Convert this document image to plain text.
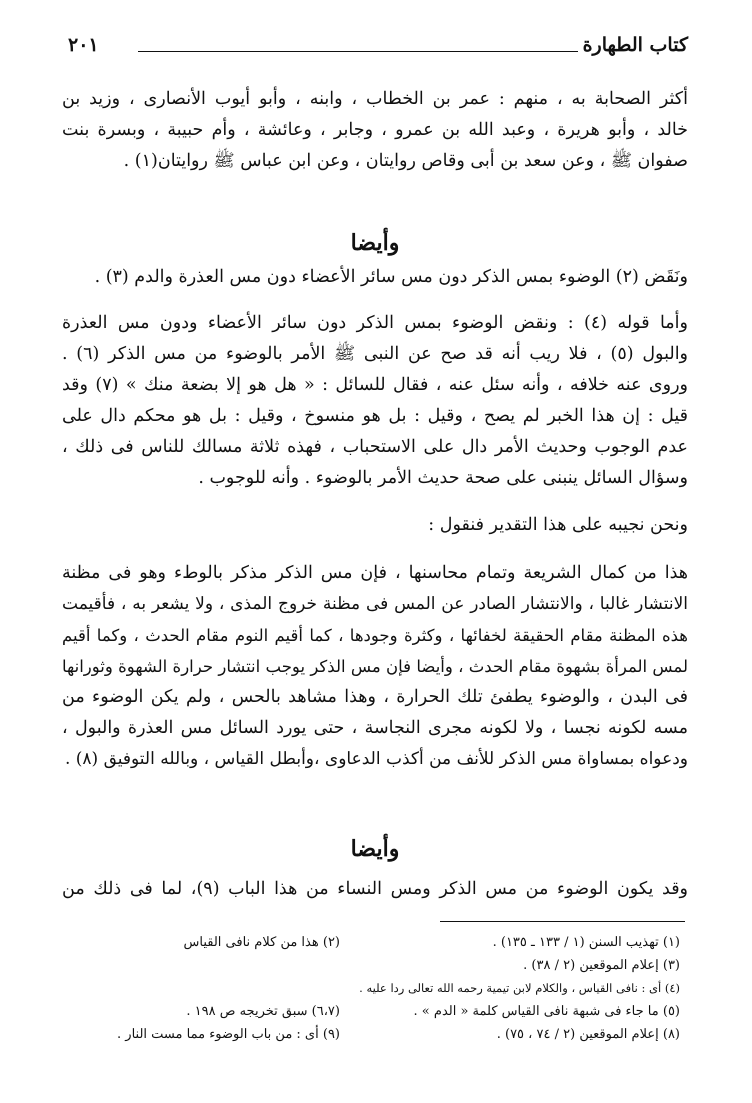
كتاب الطهارة
٢٠١
أكثر الصحابة به ، منهم : عمر بن الخطاب ، وابنه ، وأبو أيوب الأنصارى ، وزيد بن
خالد ، وأبو هريرة ، وعبد الله بن عمرو ، وجابر ، وعائشة ، وأم حبيبة ، وبسرة بنت
صفوان ﷺ ، وعن سعد بن أبى وقاص روايتان ، وعن ابن عباس ﷺ روايتان(١) .
وأيضا
ونَقَض (٢) الوضوء بمس الذكر دون مس سائر الأعضاء دون مس العذرة والدم (٣) .
وأما قوله (٤) : ونقض الوضوء بمس الذكر دون سائر الأعضاء ودون مس العذرة
والبول (٥) ، فلا ريب أنه قد صح عن النبى ﷺ الأمر بالوضوء من مس الذكر (٦) .
وروى عنه خلافه ، وأنه سئل عنه ، فقال للسائل : « هل هو إلا بضعة منك » (٧) وقد
قيل : إن هذا الخبر لم يصح ، وقيل : بل هو منسوخ ، وقيل : بل هو محكم دال على
عدم الوجوب وحديث الأمر دال على الاستحباب ، فهذه ثلاثة مسالك للناس فى ذلك ،
وسؤال السائل ينبنى على صحة حديث الأمر بالوضوء . وأنه للوجوب .
ونحن نجيبه على هذا التقدير فنقول :
هذا من كمال الشريعة وتمام محاسنها ، فإن مس الذكر مذكر بالوطء وهو فى مظنة
الانتشار غالبا ، والانتشار الصادر عن المس فى مظنة خروج المذى ، ولا يشعر به ، فأقيمت
هذه المظنة مقام الحقيقة لخفائها ، وكثرة وجودها ، كما أقيم النوم مقام الحدث ، وكما أقيم
لمس المرأة بشهوة مقام الحدث ، وأيضا فإن مس الذكر يوجب انتشار حرارة الشهوة وثورانها
فى البدن ، والوضوء يطفئ تلك الحرارة ، وهذا مشاهد بالحس ، ولم يكن الوضوء من
مسه لكونه نجسا ، ولا لكونه مجرى النجاسة ، حتى يورد السائل مس العذرة والبول ،
ودعواه بمساواة مس الذكر للأنف من أكذب الدعاوى ،وأبطل القياس ، وبالله التوفيق (٨) .
وأيضا
وقد يكون الوضوء من مس الذكر ومس النساء من هذا الباب (٩)، لما فى ذلك من
(١) تهذيب السنن (١ / ١٣٣ ـ ١٣٥) .
(٢) هذا من كلام نافى القياس
(٣) إعلام الموقعين (٢ / ٣٨) .
(٤) أى : نافى القياس ، والكلام لابن تيمية رحمه الله تعالى ردا عليه .
(٥) ما جاء فى شبهة نافى القياس كلمة « الدم » .
(٦،٧) سبق تخريجه ص ١٩٨ .
(٨) إعلام الموقعين (٢ / ٧٤ ، ٧٥) .
(٩) أى : من باب الوضوء مما مست النار .
